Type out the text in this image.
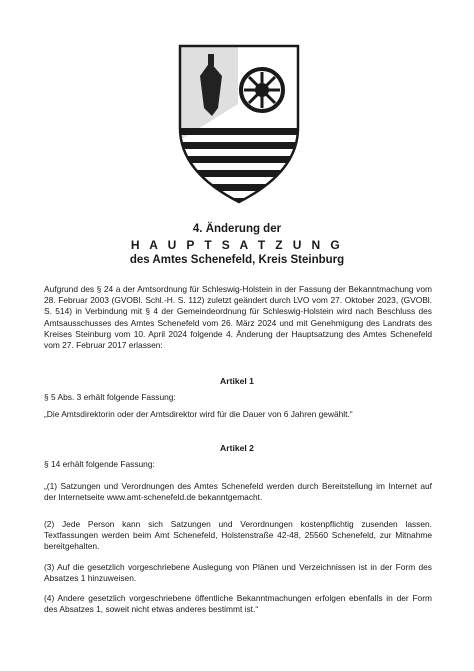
4. Änderung der
H A U P T S A T Z U N G
des Amtes Schenefeld, Kreis Steinburg
Aufgrund des § 24 a der Amtsordnung für Schleswig-Holstein in der Fassung der Bekanntmachung vom 28. Februar 2003 (GVOBl. Schl.-H. S. 112) zuletzt geändert durch LVO vom 27. Oktober 2023, (GVOBl. S. 514) in Verbindung mit § 4 der Gemeindeordnung für Schleswig-Holstein wird nach Beschluss des Amtsausschusses des Amtes Schenefeld vom 26. März 2024 und mit Genehmigung des Landrats des Kreises Steinburg vom 10. April 2024 folgende 4. Änderung der Hauptsatzung des Amtes Schenefeld vom 27. Februar 2017 erlassen:
Artikel 1
§ 5 Abs. 3 erhält folgende Fassung:
„Die Amtsdirektorin oder der Amtsdirektor wird für die Dauer von 6 Jahren gewählt.“
Artikel 2
§ 14 erhält folgende Fassung:
„(1) Satzungen und Verordnungen des Amtes Schenefeld werden durch Bereitstellung im Internet auf der Internetseite www.amt-schenefeld.de bekanntgemacht.
(2) Jede Person kann sich Satzungen und Verordnungen kostenpflichtig zusenden lassen. Textfassungen werden beim Amt Schenefeld, Holstenstraße 42-48, 25560 Schenefeld, zur Mitnahme bereitgehalten.
(3) Auf die gesetzlich vorgeschriebene Auslegung von Plänen und Verzeichnissen ist in der Form des Absatzes 1 hinzuweisen.
(4) Andere gesetzlich vorgeschriebene öffentliche Bekanntmachungen erfolgen ebenfalls in der Form des Absatzes 1, soweit nicht etwas anderes bestimmt ist.“
